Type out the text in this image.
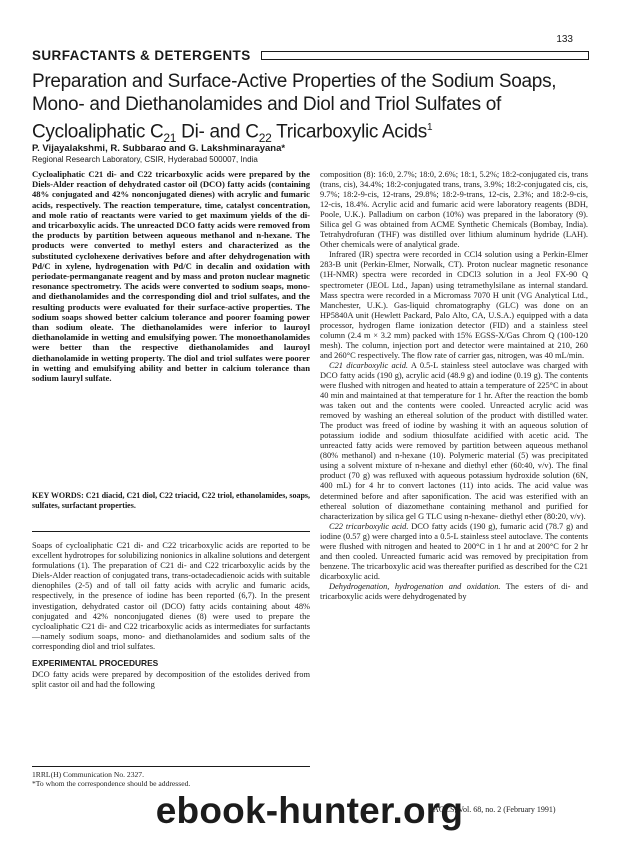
133
SURFACTANTS & DETERGENTS
Preparation and Surface-Active Properties of the Sodium Soaps,
Mono- and Diethanolamides and Diol and Triol Sulfates of
Cycloaliphatic $C_{21}$ Di- and $C_{22}$ Tricarboxylic Acids$^1$
P. Vijayalakshmi, R. Subbarao and G. Lakshminarayana*
Regional Research Laboratory, CSIR, Hyderabad 500007, India
Cycloaliphatic C21 di- and C22 tricarboxylic acids were prepared by the Diels-Alder reaction of dehydrated castor oil (DCO) fatty acids (containing 48% conjugated and 42% nonconjugated dienes) with acrylic and fumaric acids, respectively. The reaction temperature, time, catalyst concentration, and mole ratio of reactants were varied to get maximum yields of the di- and tricarboxylic acids. The unreacted DCO fatty acids were removed from the products by partition between aqueous methanol and n-hexane. The products were converted to methyl esters and characterized as the substituted cyclohexene derivatives before and after dehydrogenation with Pd/C in xylene, hydrogenation with Pd/C in decalin and oxidation with periodate-permanganate reagent and by mass and proton nuclear magnetic resonance spectrometry. The acids were converted to sodium soaps, mono- and diethanolamides and the corresponding diol and triol sulfates, and the resulting products were evaluated for their surface-active properties. The sodium soaps showed better calcium tolerance and poorer foaming power than sodium oleate. The diethanolamides were inferior to lauroyl diethanolamide in wetting and emulsifying power. The monoethanolamides were better than the respective diethanolamides and lauroyl diethanolamide in wetting property. The diol and triol sulfates were poorer in wetting and emulsifying ability and better in calcium tolerance than sodium lauryl sulfate.
KEY WORDS: C21 diacid, C21 diol, C22 triacid, C22 triol, ethanolamides, soaps, sulfates, surfactant properties.

Soaps of cycloaliphatic C21 di- and C22 tricarboxylic acids are reported to be excellent hydrotropes for solubilizing nonionics in alkaline solutions and detergent formulations (1). The preparation of C21 di- and C22 tricarboxylic acids by the Diels-Alder reaction of conjugated trans, trans-octadecadienoic acids with suitable dienophiles (2-5) and of tall oil fatty acids with acrylic and fumaric acids, respectively, in the presence of iodine has been reported (6,7). In the present investigation, dehydrated castor oil (DCO) fatty acids containing about 48% conjugated and 42% nonconjugated dienes (8) were used to prepare the cycloaliphatic C21 di- and C22 tricarboxylic acids as intermediates for surfactants—namely sodium soaps, mono- and diethanolamides and sodium salts of the corresponding diol and triol sulfates.

EXPERIMENTAL PROCEDURES

DCO fatty acids were prepared by decomposition of the estolides derived from split castor oil and had the following

1RRL(H) Communication No. 2327.
*To whom the correspondence should be addressed.

composition (8): 16:0, 2.7%; 18:0, 2.6%; 18:1, 5.2%; 18:2-conjugated cis, trans (trans, cis), 34.4%; 18:2-conjugated trans, trans, 3.9%; 18:2-conjugated cis, cis, 9.7%; 18:2-9-cis, 12-trans, 29.8%; 18:2-9-trans, 12-cis, 2.3%; and 18:2-9-cis, 12-cis, 18.4%. Acrylic acid and fumaric acid were laboratory reagents (BDH, Poole, U.K.). Palladium on carbon (10%) was prepared in the laboratory (9). Silica gel G was obtained from ACME Synthetic Chemicals (Bombay, India). Tetrahydrofuran (THF) was distilled over lithium aluminum hydride (LAH). Other chemicals were of analytical grade.

Infrared (IR) spectra were recorded in CCl4 solution using a Perkin-Elmer 283-B unit (Perkin-Elmer, Norwalk, CT). Proton nuclear magnetic resonance (1H-NMR) spectra were recorded in CDCl3 solution in a Jeol FX-90 Q spectrometer (JEOL Ltd., Japan) using tetramethylsilane as internal standard. Mass spectra were recorded in a Micromass 7070 H unit (VG Analytical Ltd., Manchester, U.K.). Gas-liquid chromatography (GLC) was done on an HP5840A unit (Hewlett Packard, Palo Alto, CA, U.S.A.) equipped with a data processor, hydrogen flame ionization detector (FID) and a stainless steel column (2.4 m × 3.2 mm) packed with 15% EGSS-X/Gas Chrom Q (100-120 mesh). The column, injection port and detector were maintained at 210, 260 and 260°C respectively. The flow rate of carrier gas, nitrogen, was 40 mL/min.

C21 dicarboxylic acid. A 0.5-L stainless steel autoclave was charged with DCO fatty acids (190 g), acrylic acid (48.9 g) and iodine (0.19 g). The contents were flushed with nitrogen and heated to attain a temperature of 225°C in about 40 min and maintained at that temperature for 1 hr. After the reaction the bomb was taken out and the contents were cooled. Unreacted acrylic acid was removed by washing an ethereal solution of the product with distilled water. The product was freed of iodine by washing it with an aqueous solution of potassium iodide and sodium thiosulfate acidified with acetic acid. The unreacted fatty acids were removed by partition between aqueous methanol (80% methanol) and n-hexane (10). Polymeric material (5) was precipitated using a solvent mixture of n-hexane and diethyl ether (60:40, v/v). The final product (70 g) was refluxed with aqueous potassium hydroxide solution (6N, 400 mL) for 4 hr to convert lactones (11) into acids. The acid value was determined before and after saponification. The acid was esterified with an ethereal solution of diazomethane containing methanol and purified for characterization by silica gel G TLC using n-hexane- diethyl ether (80:20, v/v).

C22 tricarboxylic acid. DCO fatty acids (190 g), fumaric acid (78.7 g) and iodine (0.57 g) were charged into a 0.5-L stainless steel autoclave. The contents were flushed with nitrogen and heated to 200°C in 1 hr and at 200°C for 2 hr and then cooled. Unreacted fumaric acid was removed by precipitation from benzene. The tricarboxylic acid was thereafter purified as described for the C21 dicarboxylic acid.

Dehydrogenation, hydrogenation and oxidation. The esters of di- and tricarboxylic acids were dehydrogenated by

JAOCS, Vol. 68, no. 2 (February 1991)
ebook-hunter.org
